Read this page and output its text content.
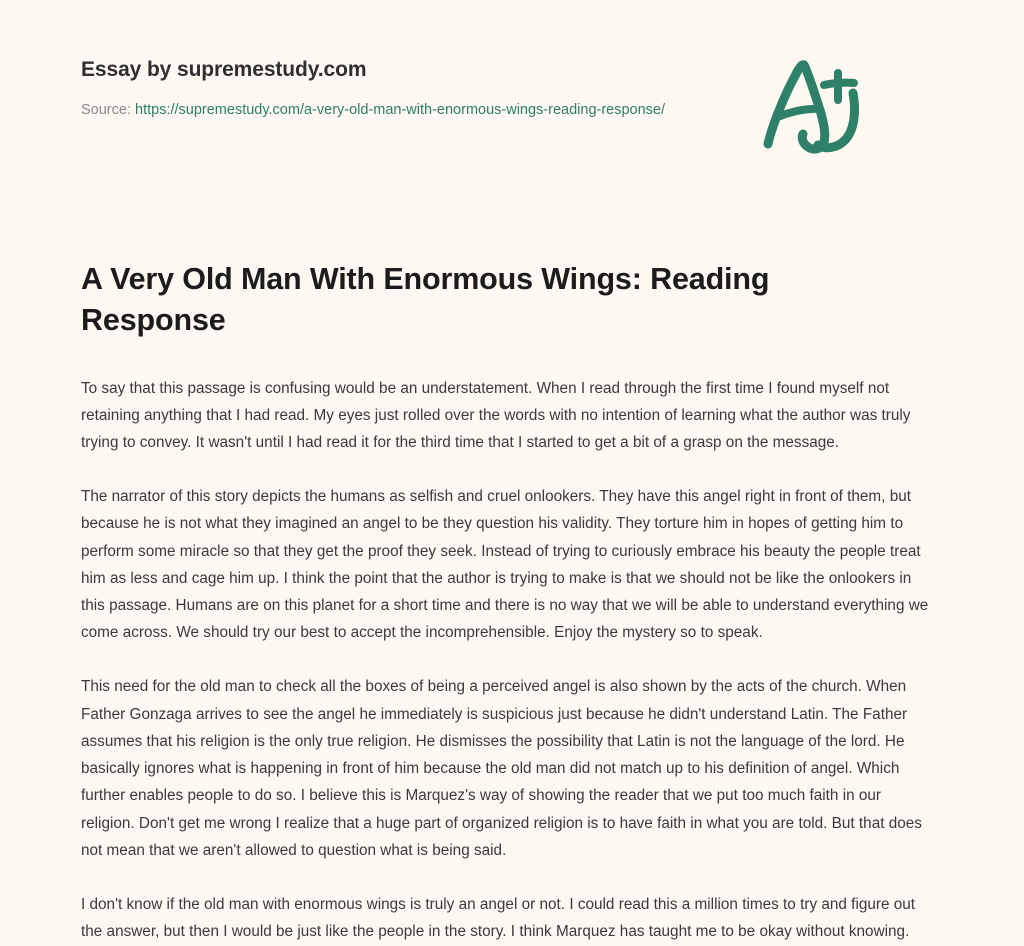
Essay by supremestudy.com

Source: https://supremestudy.com/a-very-old-man-with-enormous-wings-reading-response/

A Very Old Man With Enormous Wings: Reading Response

To say that this passage is confusing would be an understatement. When I read through the first time I found myself not retaining anything that I had read. My eyes just rolled over the words with no intention of learning what the author was truly trying to convey. It wasn't until I had read it for the third time that I started to get a bit of a grasp on the message.

The narrator of this story depicts the humans as selfish and cruel onlookers. They have this angel right in front of them, but because he is not what they imagined an angel to be they question his validity. They torture him in hopes of getting him to perform some miracle so that they get the proof they seek. Instead of trying to curiously embrace his beauty the people treat him as less and cage him up. I think the point that the author is trying to make is that we should not be like the onlookers in this passage. Humans are on this planet for a short time and there is no way that we will be able to understand everything we come across. We should try our best to accept the incomprehensible. Enjoy the mystery so to speak.

This need for the old man to check all the boxes of being a perceived angel is also shown by the acts of the church. When Father Gonzaga arrives to see the angel he immediately is suspicious just because he didn't understand Latin. The Father assumes that his religion is the only true religion. He dismisses the possibility that Latin is not the language of the lord. He basically ignores what is happening in front of him because the old man did not match up to his definition of angel. Which further enables people to do so. I believe this is Marquez's way of showing the reader that we put too much faith in our religion. Don't get me wrong I realize that a huge part of organized religion is to have faith in what you are told. But that does not mean that we aren't allowed to question what is being said.

I don't know if the old man with enormous wings is truly an angel or not. I could read this a million times to try and figure out the answer, but then I would be just like the people in the story. I think Marquez has taught me to be okay without knowing.
